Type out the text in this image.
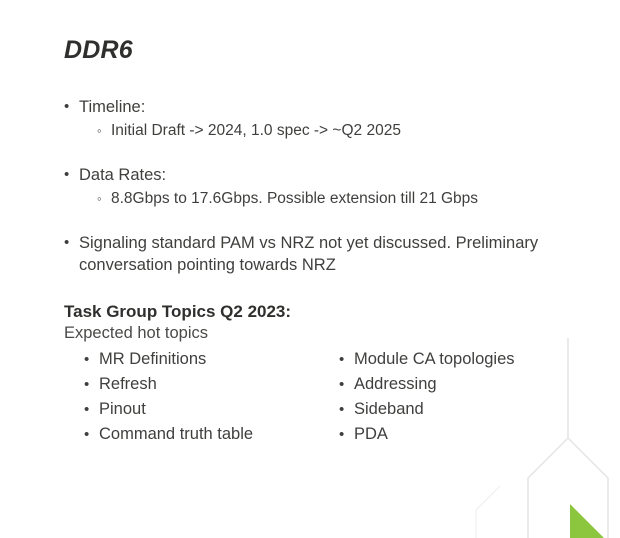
DDR6
• Timeline:
◦ Initial Draft -> 2024, 1.0 spec -> ~Q2 2025
• Data Rates:
◦ 8.8Gbps to 17.6Gbps. Possible extension till 21 Gbps
• Signaling standard PAM vs NRZ not yet discussed. Preliminary conversation pointing towards NRZ
Task Group Topics Q2 2023:
Expected hot topics
• MR Definitions
• Refresh
• Pinout
• Command truth table
• Module CA topologies
• Addressing
• Sideband
• PDA
